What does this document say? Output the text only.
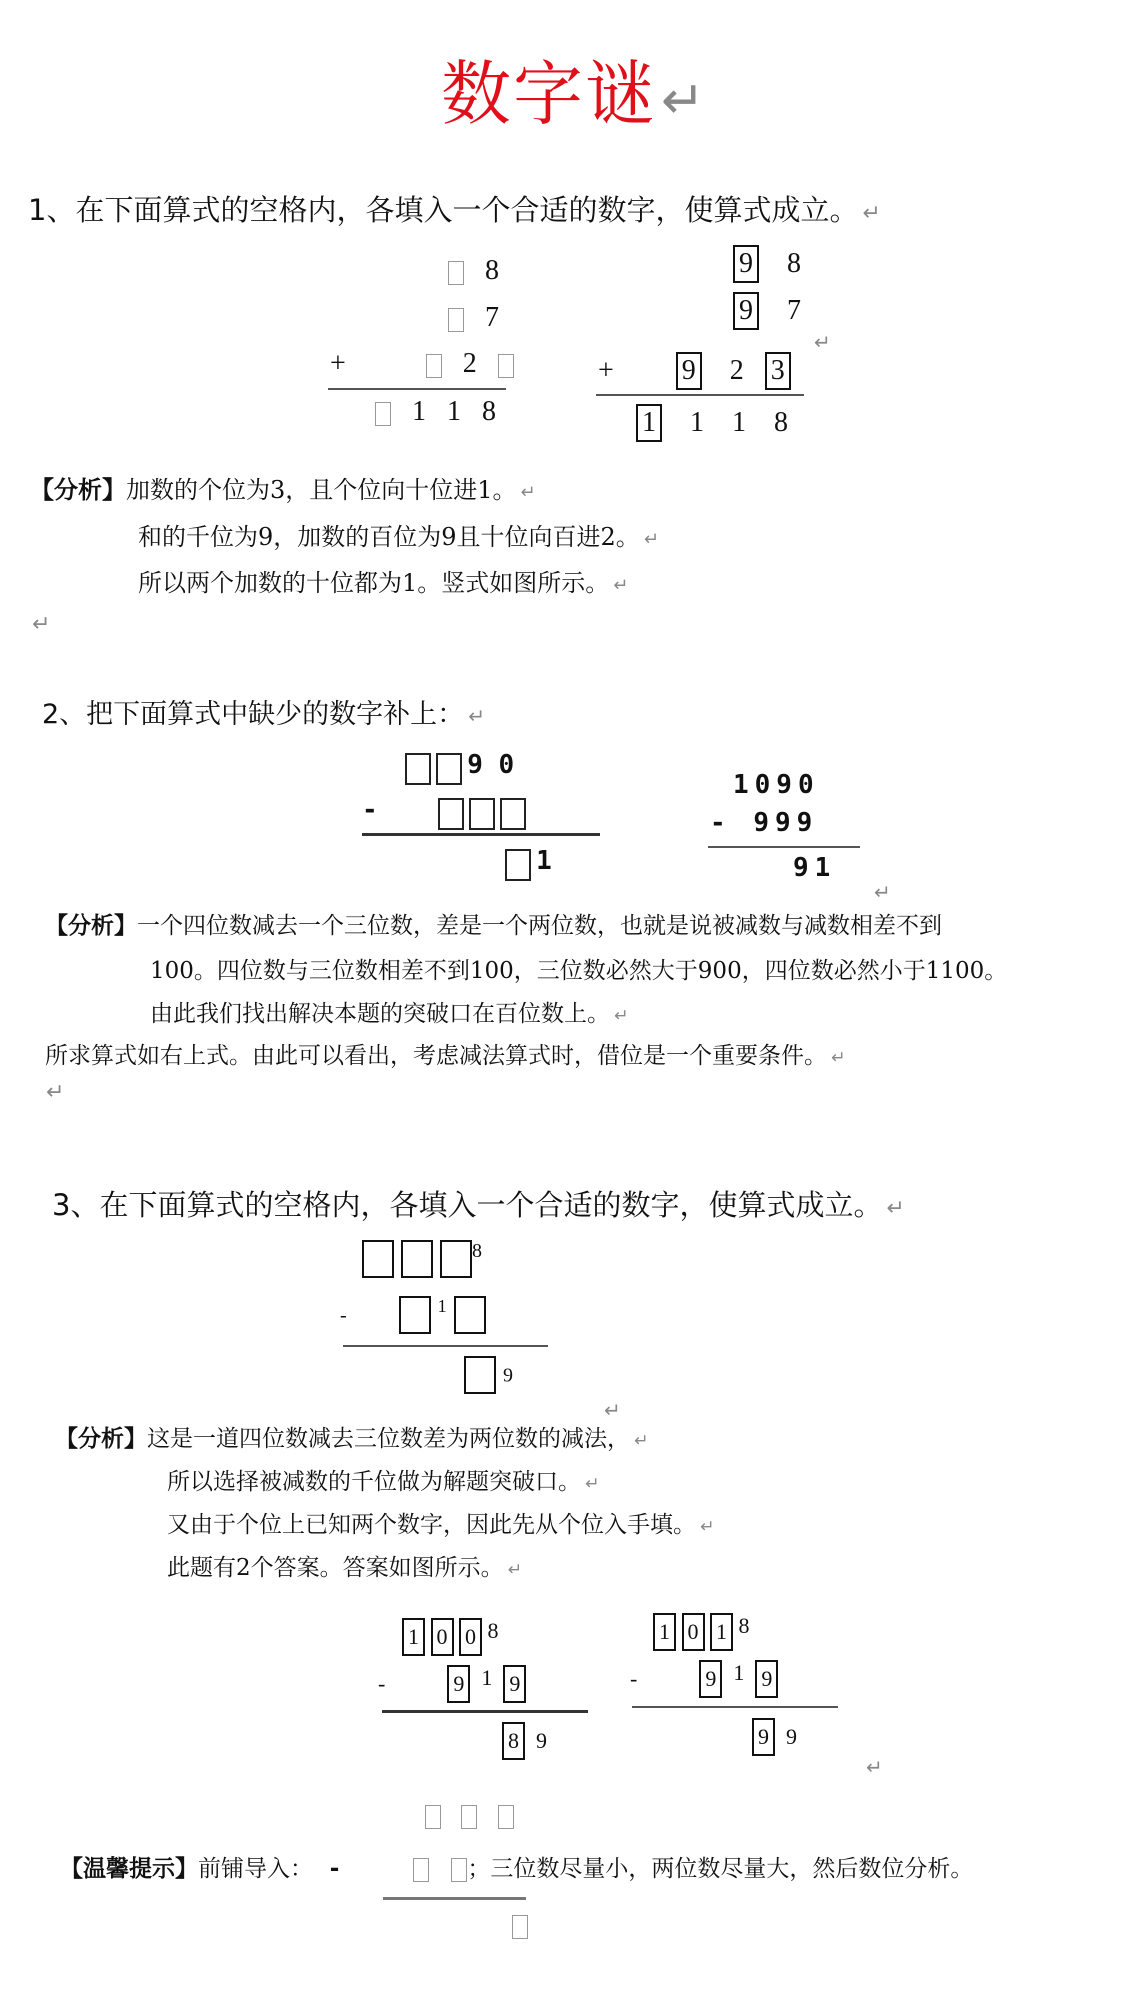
数字谜↵
1、在下面算式的空格内，各填入一个合适的数字，使算式成立。 ↵
8
7
+	2
1 1 8
9 8
9 7
+ 9 2 3
1 1 1 8
↵
【分析】加数的个位为3，且个位向十位进1。 ↵
和的千位为9，加数的百位为9且十位向百进2。 ↵
所以两个加数的十位都为1。竖式如图所示。 ↵
↵
2、把下面算式中缺少的数字补上： ↵
9 0
-
1
1090
- 999
91
↵
【分析】一个四位数减去一个三位数，差是一个两位数，也就是说被减数与减数相差不到
100。四位数与三位数相差不到100，三位数必然大于900，四位数必然小于1100。
由此我们找出解决本题的突破口在百位数上。 ↵
所求算式如右上式。由此可以看出，考虑减法算式时，借位是一个重要条件。 ↵
↵
3、在下面算式的空格内，各填入一个合适的数字，使算式成立。 ↵
$^8$
-	$^1$
9
↵
【分析】这是一道四位数减去三位数差为两位数的减法， ↵
所以选择被减数的千位做为解题突破口。 ↵
又由于个位上已知两个数字，因此先从个位入手填。 ↵
此题有2个答案。答案如图所示。 ↵
1 0 0 8
-	9 1 9
8 9
1 0 1 8
-	9 1 9
9 9
↵

【温馨提示】前铺导入： -	；三位数尽量小，两位数尽量大，然后数位分析。
